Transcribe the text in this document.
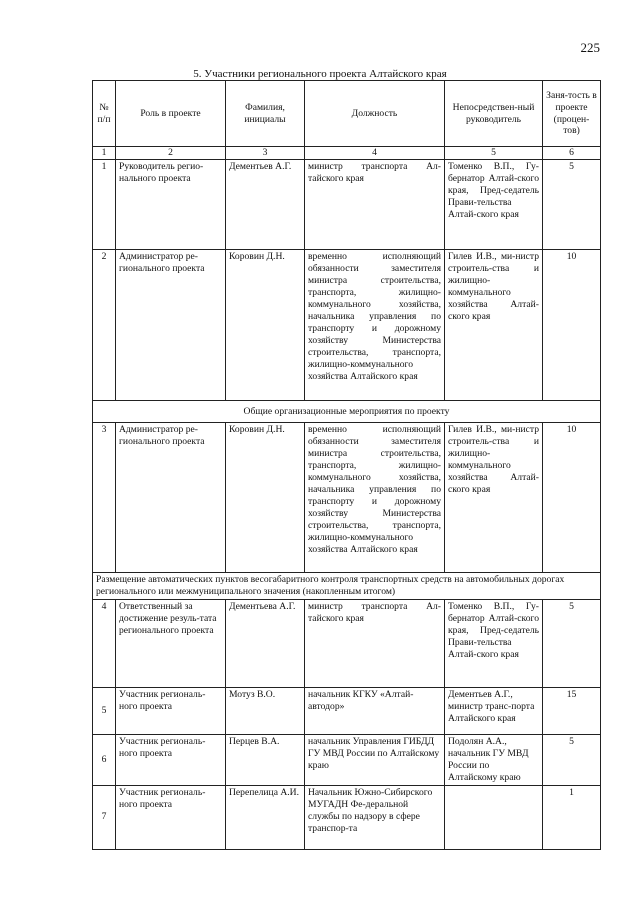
225
5. Участники регионального проекта Алтайского края
№ п/п	Роль в проекте	Фамилия, инициалы	Должность	Непосредствен-ный руководитель	Заня-тость в проекте (процен-тов)
1	2	3	4	5	6
1	Руководитель регио-нального проекта	Дементьев А.Г.	министр транспорта Ал-тайского края	Томенко В.П., Гу-бернатор Алтай-ского края, Пред-седатель Прави-тельства Алтай-ского края	5
2	Администратор ре-гионального проекта	Коровин Д.Н.	временно исполняющий обязанности заместителя министра строительства, транспорта, жилищно-коммунального хозяйства, начальника управления по транспорту и дорожному хозяйству Министерства строительства, транспорта, жилищно-коммунального хозяйства Алтайского края	Гилев И.В., ми-нистр строитель-ства и жилищно-коммунального хозяйства Алтай-ского края	10
Общие организационные мероприятия по проекту					
3	Администратор ре-гионального проекта	Коровин Д.Н.	временно исполняющий обязанности заместителя министра строительства, транспорта, жилищно-коммунального хозяйства, начальника управления по транспорту и дорожному хозяйству Министерства строительства, транспорта, жилищно-коммунального хозяйства Алтайского края	Гилев И.В., ми-нистр строитель-ства и жилищно-коммунального хозяйства Алтай-ского края	10
Размещение автоматических пунктов весогабаритного контроля транспортных средств на автомобильных дорогах регионального или межмуниципального значения (накопленным итогом)					
4	Ответственный за достижение резуль-тата регионального проекта	Дементьева А.Г.	министр транспорта Ал-тайского края	Томенко В.П., Гу-бернатор Алтай-ского края, Пред-седатель Прави-тельства Алтай-ского края	5
5	Участник региональ-ного проекта	Мотуз В.О.	начальник КГКУ «Алтай-автодор»	Дементьев А.Г., министр транс-порта Алтайского края	15
6	Участник региональ-ного проекта	Перцев В.А.	начальник Управления ГИБДД ГУ МВД России по Алтайскому краю	Подолян А.А., начальник ГУ МВД России по Алтайскому краю	5
7	Участник региональ-ного проекта	Перепелица А.И.	Начальник Южно-Сибирского МУГАДН Фе-деральной службы по надзору в сфере транспор-та		1
